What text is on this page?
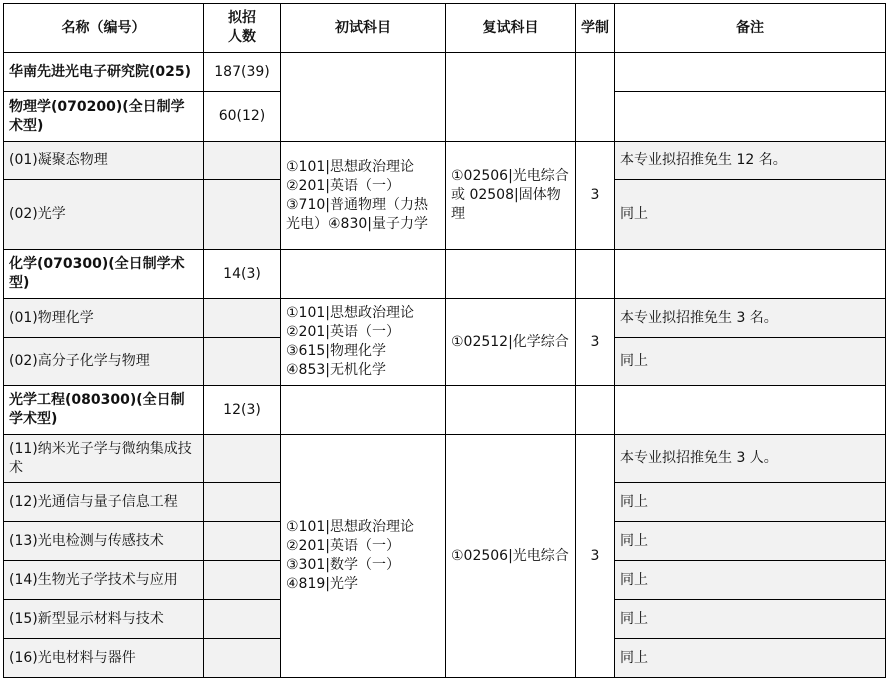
名称（编号）	拟招
人数	初试科目	复试科目	学制	备注
华南先进光电子研究院(025)	187(39)				
物理学(070200)(全日制学术型)	60(12)				
(01)凝聚态物理		①101|思想政治理论
②201|英语（一）
③710|普通物理（力热光电）④830|量子力学	①02506|光电综合或 02508|固体物理	3	本专业拟招推免生 12 名。
(02)光学					同上
化学(070300)(全日制学术型)	14(3)				
(01)物理化学		①101|思想政治理论
②201|英语（一）
③615|物理化学
④853|无机化学	①02512|化学综合	3	本专业拟招推免生 3 名。
(02)高分子化学与物理					同上
光学工程(080300)(全日制学术型)	12(3)				
(11)纳米光子学与微纳集成技术		①101|思想政治理论
②201|英语（一）
③301|数学（一）
④819|光学	①02506|光电综合	3	本专业拟招推免生 3 人。
(12)光通信与量子信息工程					同上
(13)光电检测与传感技术					同上
(14)生物光子学技术与应用					同上
(15)新型显示材料与技术					同上
(16)光电材料与器件					同上
